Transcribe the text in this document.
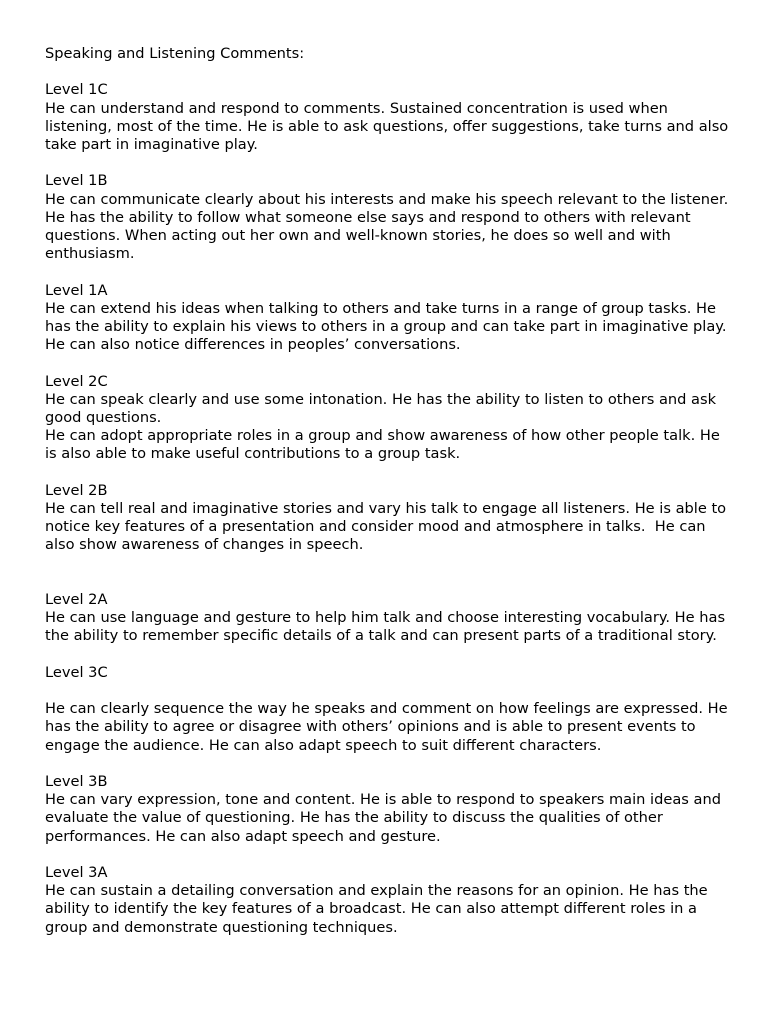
Speaking and Listening Comments:

Level 1C

He can understand and respond to comments. Sustained concentration is used when listening, most of the time. He is able to ask questions, offer suggestions, take turns and also take part in imaginative play.

Level 1B

He can communicate clearly about his interests and make his speech relevant to the listener. He has the ability to follow what someone else says and respond to others with relevant questions. When acting out her own and well-known stories, he does so well and with enthusiasm.

Level 1A

He can extend his ideas when talking to others and take turns in a range of group tasks. He has the ability to explain his views to others in a group and can take part in imaginative play. He can also notice differences in peoples’ conversations.

Level 2C

He can speak clearly and use some intonation. He has the ability to listen to others and ask good questions.

He can adopt appropriate roles in a group and show awareness of how other people talk. He is also able to make useful contributions to a group task.

Level 2B

He can tell real and imaginative stories and vary his talk to engage all listeners. He is able to notice key features of a presentation and consider mood and atmosphere in talks.  He can also show awareness of changes in speech.

Level 2A

He can use language and gesture to help him talk and choose interesting vocabulary. He has the ability to remember specific details of a talk and can present parts of a traditional story.

Level 3C

He can clearly sequence the way he speaks and comment on how feelings are expressed. He has the ability to agree or disagree with others’ opinions and is able to present events to engage the audience. He can also adapt speech to suit different characters.

Level 3B

He can vary expression, tone and content. He is able to respond to speakers main ideas and evaluate the value of questioning. He has the ability to discuss the qualities of other performances. He can also adapt speech and gesture.

Level 3A

He can sustain a detailing conversation and explain the reasons for an opinion. He has the ability to identify the key features of a broadcast. He can also attempt different roles in a group and demonstrate questioning techniques.
